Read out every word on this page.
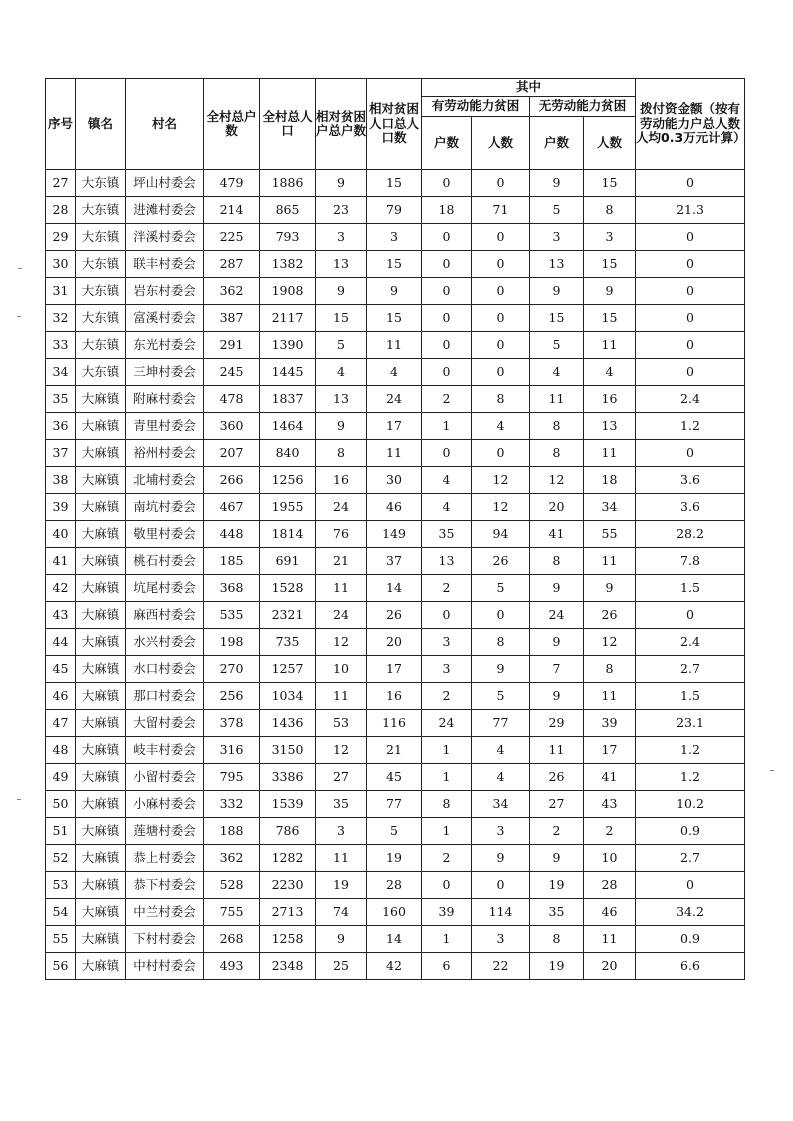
序号	镇名	村名	全村总户数	全村总人口	相对贫困户总户数	相对贫困人口总人口数	其中				拨付资金额（按有劳动能力户总人数人均0.3万元计算）
							有劳动能力贫困		无劳动能力贫困		
							户数	人数	户数	人数	
27	大东镇	坪山村委会	479	1886	9	15	0	0	9	15	0
28	大东镇	进滩村委会	214	865	23	79	18	71	5	8	21.3
29	大东镇	泮溪村委会	225	793	3	3	0	0	3	3	0
30	大东镇	联丰村委会	287	1382	13	15	0	0	13	15	0
31	大东镇	岩东村委会	362	1908	9	9	0	0	9	9	0
32	大东镇	富溪村委会	387	2117	15	15	0	0	15	15	0
33	大东镇	东光村委会	291	1390	5	11	0	0	5	11	0
34	大东镇	三坤村委会	245	1445	4	4	0	0	4	4	0
35	大麻镇	附麻村委会	478	1837	13	24	2	8	11	16	2.4
36	大麻镇	青里村委会	360	1464	9	17	1	4	8	13	1.2
37	大麻镇	裕州村委会	207	840	8	11	0	0	8	11	0
38	大麻镇	北埔村委会	266	1256	16	30	4	12	12	18	3.6
39	大麻镇	南坑村委会	467	1955	24	46	4	12	20	34	3.6
40	大麻镇	敬里村委会	448	1814	76	149	35	94	41	55	28.2
41	大麻镇	桃石村委会	185	691	21	37	13	26	8	11	7.8
42	大麻镇	坑尾村委会	368	1528	11	14	2	5	9	9	1.5
43	大麻镇	麻西村委会	535	2321	24	26	0	0	24	26	0
44	大麻镇	水兴村委会	198	735	12	20	3	8	9	12	2.4
45	大麻镇	水口村委会	270	1257	10	17	3	9	7	8	2.7
46	大麻镇	那口村委会	256	1034	11	16	2	5	9	11	1.5
47	大麻镇	大留村委会	378	1436	53	116	24	77	29	39	23.1
48	大麻镇	岐丰村委会	316	3150	12	21	1	4	11	17	1.2
49	大麻镇	小留村委会	795	3386	27	45	1	4	26	41	1.2
50	大麻镇	小麻村委会	332	1539	35	77	8	34	27	43	10.2
51	大麻镇	莲塘村委会	188	786	3	5	1	3	2	2	0.9
52	大麻镇	恭上村委会	362	1282	11	19	2	9	9	10	2.7
53	大麻镇	恭下村委会	528	2230	19	28	0	0	19	28	0
54	大麻镇	中兰村委会	755	2713	74	160	39	114	35	46	34.2
55	大麻镇	下村村委会	268	1258	9	14	1	3	8	11	0.9
56	大麻镇	中村村委会	493	2348	25	42	6	22	19	20	6.6
